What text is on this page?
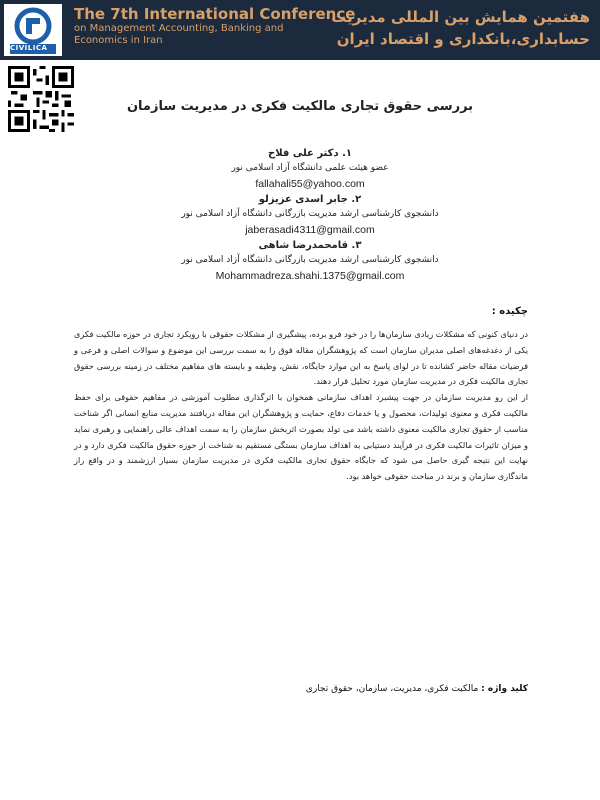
CIVILICA
The 7th International Conference
on Management Accounting, Banking and
Economics in Iran
هفتمین همایش بین المللی مدیریت
حسابداری،بانکداری و اقتصاد ایران
بررسی حقوق تجاری مالکیت فکری در مدیریت سازمان
۱. دکتر علی فلاح
عضو هیئت علمی دانشگاه آزاد اسلامی نور
fallahali55@yahoo.com
۲. جابر اسدی عزیزلو
دانشجوی کارشناسی ارشد مدیریت بازرگانی دانشگاه آزاد اسلامی نور
jaberasadi4311@gmail.com
۳. قامحمدرضا شاهی
دانشجوی کارشناسی ارشد مدیریت بازرگانی دانشگاه آزاد اسلامی نور
Mohammadreza.shahi.1375@gmail.com
چکیده :

در دنیای کنونی که مشکلات زیادی سازمان‌ها را در خود فرو برده، پیشگیری از مشکلات حقوقی با رویکرد تجاری در حوزه مالکیت فکری یکی از دغدغه‌های اصلی مدیران سازمان است که پژوهشگران مقاله فوق را به سمت بررسی این موضوع و سوالات اصلی و فرعی و فرضیات مقاله حاضر کشانده تا در لوای پاسخ به این موارد جایگاه، نقش، وظیفه و بایسته های مفاهیم مختلف در زمینه بررسی حقوق تجاری مالکیت فکری در مدیریت سازمان مورد تحلیل قرار دهند.

از این رو مدیریت سازمان در جهت پیشبرد اهداف سازمانی همخوان با اثرگذاری مطلوب آموزشی در مفاهیم حقوقی برای حفظ مالکیت فکری و معنوی تولیدات، محصول و یا خدمات دفاع، حمایت و پژوهشگران این مقاله دریافتند مدیریت منابع انسانی اگر شناخت مناسب از حقوق تجاری مالکیت معنوی داشته باشد می تولد بصورت اثربخش سازمان را به سمت اهداف عالی راهنمایی و رهبری نماید و میزان تاثیرات مالکیت فکری در فرآیند دستیابی به اهداف سازمان بستگی مستقیم به شناخت از حوزه حقوق مالکیت فکری دارد و در نهایت این نتیجه گیری حاصل می شود که جایگاه حقوق تجاری مالکیت فکری در مدیریت سازمان بسیار ارزشمند و در واقع راز ماندگاری سازمان و برند در مباحث حقوقی خواهد بود.

کلید واژه : مالکیت فکری، مدیریت، سازمان، حقوق تجاری
